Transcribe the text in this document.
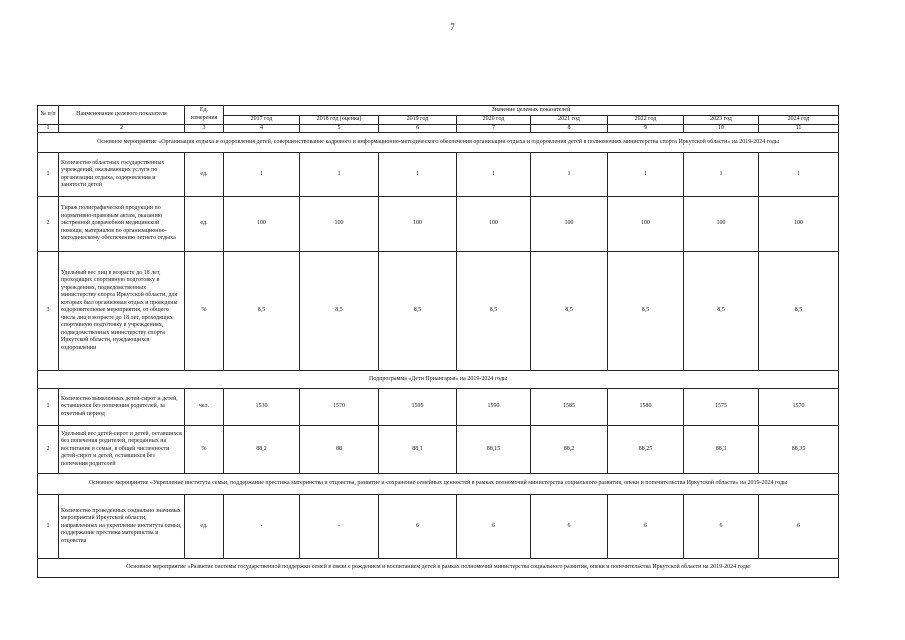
7
№ п/п	Наименование целевого показателя	Ед. измерения	Значение целевых показателей							
			2017 год	2018 год (оценка)	2019 год	2020 год	2021 год	2022 год	2023 год	2024 год
1	2	3	4	5	6	7	8	9	10	11
Основное мероприятие «Организация отдыха и оздоровления детей, совершенствование кадрового и информационно-методического обеспечения организации отдыха и оздоровления детей в полномочиях министерства спорта Иркутской области» на 2019-2024 годы										
1	Количество областных государственных учреждений, оказывающих услуги по организации отдыха, оздоровления и занятости детей	ед.	1	1	1	1	1	1	1	1
2	Тираж полиграфической продукции по нормативно-правовым актам, оказанию экстренной доврачебной медицинской помощи, материалов по организационно-методическому обеспечению летнего отдыха	ед.	100	100	100	100	100	100	100	100
3	Удельный вес лиц в возрасте до 18 лет, проходящих спортивную подготовку в учреждениях, подведомственных министерству спорта Иркутской области, для которых был организован отдых и проведены оздоровительные мероприятия, от общего числа лиц в возрасте до 18 лет, проходящих спортивную подготовку в учреждениях, подведомственных министерству спорта Иркутской области, нуждающихся оздоровлении	%	8,5	8,5	8,5	8,5	8,5	8,5	8,5	8,5
Подпрограмма «Дети Приангарья» на 2019-2024 годы										
1	Количество выявленных детей-сирот и детей, оставшихся без попечения родителей, за отчетный период	чел.	1530	1570	1595	1590	1585	1580	1575	1570
2	Удельный вес детей-сирот и детей, оставшихся без попечения родителей, переданных на воспитание в семьи, в общей численности детей-сирот и детей, оставшихся без попечения родителей	%	88,2	88	88,1	88,15	88,2	88,25	88,3	88,35
Основное мероприятие «Укрепление института семьи, поддержание престижа материнства и отцовства, развитие и сохранение семейных ценностей в рамках полномочий министерства социального развития, опеки и попечительства Иркутской области» на 2019-2024 годы										
1	Количество проведенных социально значимых мероприятий Иркутской области, направленных на укрепление института семьи, поддержание престижа материнства и отцовства	ед.	-	-	6	6	6	6	6	6
Основное мероприятие «Развитие системы государственной поддержки семей в связи с рождением и воспитанием детей в рамках полномочий министерства социального развития, опеки и попечительства Иркутской области на 2019-2024 годы										
